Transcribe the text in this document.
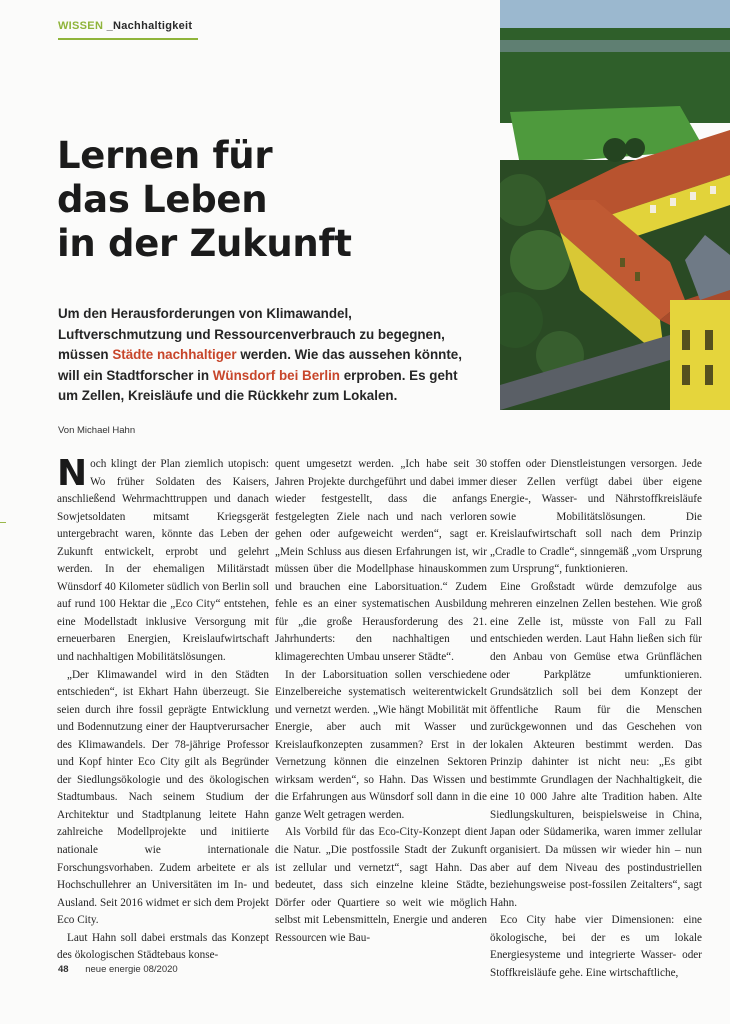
WISSEN _Nachhaltigkeit
Lernen für
das Leben
in der Zukunft

Um den Herausforderungen von Klimawandel, Luftverschmutzung und Ressourcenverbrauch zu begegnen, müssen Städte nachhaltiger werden. Wie das aussehen könnte, will ein Stadtforscher in Wünsdorf bei Berlin erproben. Es geht um Zellen, Kreisläufe und die Rückkehr zum Lokalen.

Von Michael Hahn

Noch klingt der Plan ziemlich utopisch: Wo früher Soldaten des Kaisers, anschließend Wehrmachttruppen und danach Sowjetsoldaten mitsamt Kriegsgerät untergebracht waren, könnte das Leben der Zukunft entwickelt, erprobt und gelehrt werden. In der ehemaligen Militärstadt Wünsdorf 40 Kilometer südlich von Berlin soll auf rund 100 Hektar die „Eco City“ entstehen, eine Modellstadt inklusive Versorgung mit erneuerbaren Energien, Kreislaufwirtschaft und nachhaltigen Mobilitätslösungen.

„Der Klimawandel wird in den Städten entschieden“, ist Ekhart Hahn überzeugt. Sie seien durch ihre fossil geprägte Entwicklung und Bodennutzung einer der Hauptverursacher des Klimawandels. Der 78-jährige Professor und Kopf hinter Eco City gilt als Begründer der Siedlungsökologie und des ökologischen Stadtumbaus. Nach seinem Studium der Architektur und Stadtplanung leitete Hahn zahlreiche Modellprojekte und initiierte nationale wie internationale Forschungsvorhaben. Zudem arbeitete er als Hochschullehrer an Universitäten im In- und Ausland. Seit 2016 widmet er sich dem Projekt Eco City.

Laut Hahn soll dabei erstmals das Konzept des ökologischen Städtebaus konse-

quent umgesetzt werden. „Ich habe seit 30 Jahren Projekte durchgeführt und dabei immer wieder festgestellt, dass die anfangs festgelegten Ziele nach und nach verloren gehen oder aufgeweicht werden“, sagt er. „Mein Schluss aus diesen Erfahrungen ist, wir müssen über die Modellphase hinauskommen und brauchen eine Laborsituation.“ Zudem fehle es an einer systematischen Ausbildung für „die große Herausforderung des 21. Jahrhunderts: den nachhaltigen und klimagerechten Umbau unserer Städte“.

In der Laborsituation sollen verschiedene Einzelbereiche systematisch weiterentwickelt und vernetzt werden. „Wie hängt Mobilität mit Energie, aber auch mit Wasser und Kreislaufkonzepten zusammen? Erst in der Vernetzung können die einzelnen Sektoren wirksam werden“, so Hahn. Das Wissen und die Erfahrungen aus Wünsdorf soll dann in die ganze Welt getragen werden.

Als Vorbild für das Eco-City-Konzept dient die Natur. „Die postfossile Stadt der Zukunft ist zellular und vernetzt“, sagt Hahn. Das bedeutet, dass sich einzelne kleine Städte, Dörfer oder Quartiere so weit wie möglich selbst mit Lebensmitteln, Energie und anderen Ressourcen wie Bau-

stoffen oder Dienstleistungen versorgen. Jede dieser Zellen verfügt dabei über eigene Energie-, Wasser- und Nährstoffkreisläufe sowie Mobilitätslösungen. Die Kreislaufwirtschaft soll nach dem Prinzip „Cradle to Cradle“, sinngemäß „vom Ursprung zum Ursprung“, funktionieren.

Eine Großstadt würde demzufolge aus mehreren einzelnen Zellen bestehen. Wie groß eine Zelle ist, müsste von Fall zu Fall entschieden werden. Laut Hahn ließen sich für den Anbau von Gemüse etwa Grünflächen oder Parkplätze umfunktionieren. Grundsätzlich soll bei dem Konzept der öffentliche Raum für die Menschen zurückgewonnen und das Geschehen von lokalen Akteuren bestimmt werden. Das Prinzip dahinter ist nicht neu: „Es gibt bestimmte Grundlagen der Nachhaltigkeit, die eine 10 000 Jahre alte Tradition haben. Alte Siedlungskulturen, beispielsweise in China, Japan oder Südamerika, waren immer zellular organisiert. Da müssen wir wieder hin – nun aber auf dem Niveau des postindustriellen beziehungsweise post-fossilen Zeitalters“, sagt Hahn.

Eco City habe vier Dimensionen: eine ökologische, bei der es um lokale Energiesysteme und integrierte Wasser- oder Stoffkreisläufe gehe. Eine wirtschaftliche,

48 neue energie 08/2020
